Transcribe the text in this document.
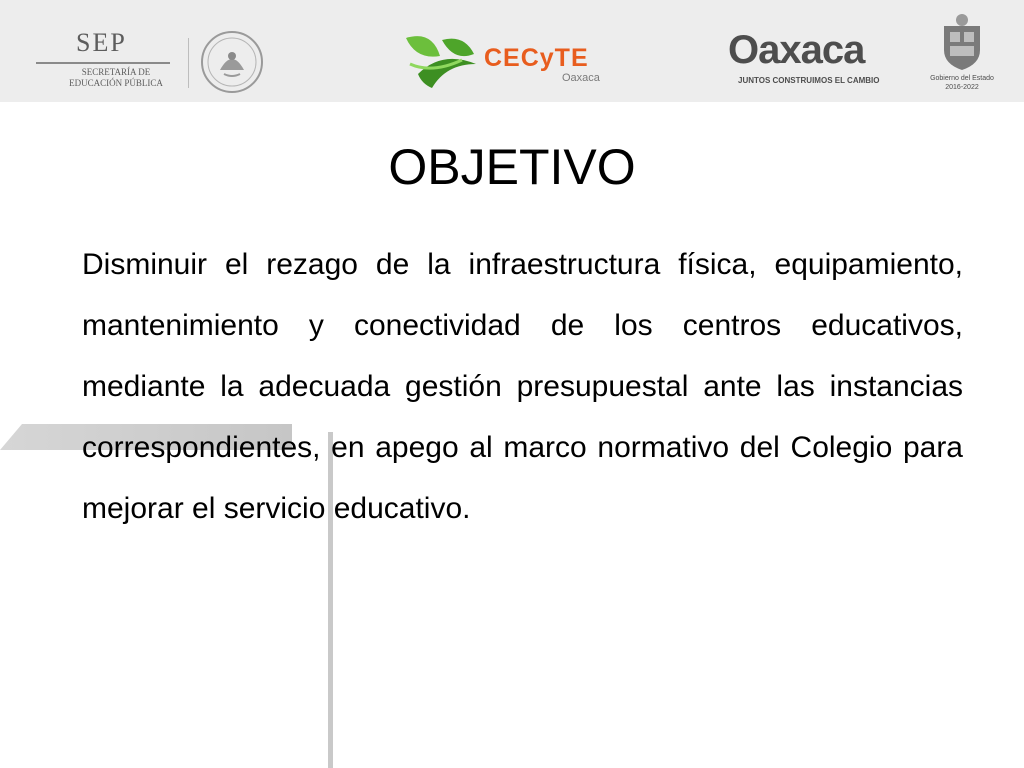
SEP
SECRETARÍA DE
EDUCACIÓN PÚBLICA
CECyTE
Oaxaca
Oaxaca
JUNTOS CONSTRUIMOS EL CAMBIO	Gobierno del Estado
2016-2022
OBJETIVO

Disminuir el rezago de la infraestructura física, equipamiento, mantenimiento y conectividad de los centros educativos, mediante la adecuada gestión presupuestal ante las instancias correspondientes, en apego al marco normativo del Colegio para mejorar el servicio educativo.
